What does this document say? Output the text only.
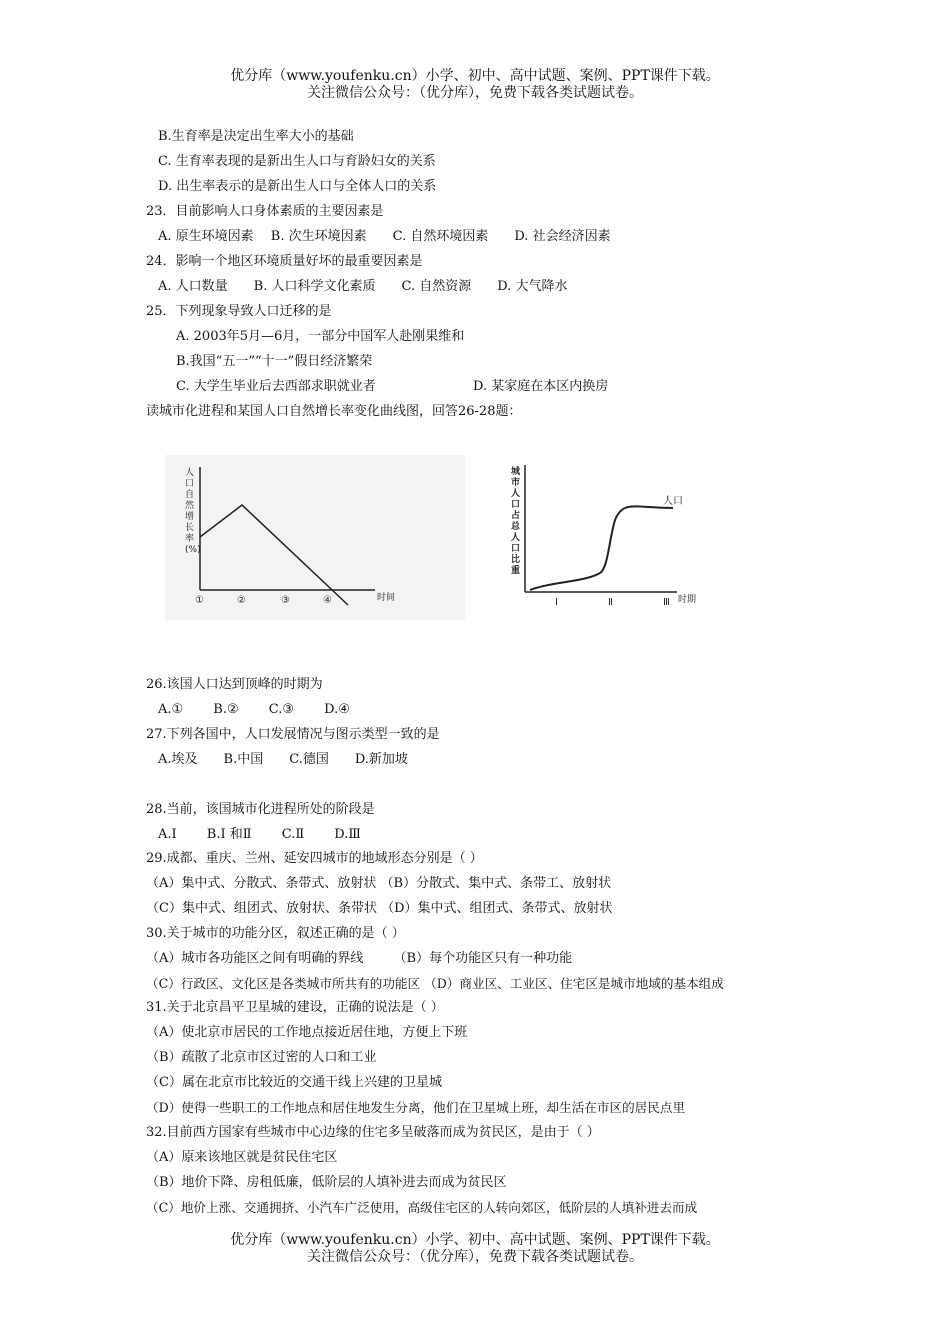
优分库（www.youfenku.cn）小学、初中、高中试题、案例、PPT课件下载。
关注微信公众号：（优分库），免费下载各类试题试卷。
B.生育率是决定出生率大小的基础
C. 生育率表现的是新出生人口与育龄妇女的关系
D. 出生率表示的是新出生人口与全体人口的关系
23．目前影响人口身体素质的主要因素是
A. 原生环境因素　 B. 次生环境因素　　C. 自然环境因素　　D. 社会经济因素
24．影响一个地区环境质量好坏的最重要因素是
A. 人口数量　　B. 人口科学文化素质　　C. 自然资源　　D. 大气降水
25．下列现象导致人口迁移的是
A. 2003年5月—6月，一部分中国军人赴刚果维和
B.我国“五一”“十一”假日经济繁荣
C. 大学生毕业后去西部求职就业者	D. 某家庭在本区内换房
读城市化进程和某国人口自然增长率变化曲线图，回答26-28题：
人
口
自
然
增
长
率
(%)
时间
①	②	③	④
城
市
人
口
占
总
人
口
比
重
人口
Ⅰ	Ⅱ	Ⅲ 时期
26.该国人口达到顶峰的时期为
A.①　　 B.②　　 C.③　　 D.④
27.下列各国中，人口发展情况与图示类型一致的是
A.埃及　　B.中国　　C.德国　　D.新加坡
28.当前，该国城市化进程所处的阶段是
A.Ⅰ　　 B.Ⅰ 和Ⅱ　　 C.Ⅱ　　 D.Ⅲ
29.成都、重庆、兰州、延安四城市的地域形态分别是（ ）
（A）集中式、分散式、条带式、放射状 （B）分散式、集中式、条带工、放射状
（C）集中式、组团式、放射状、条带状 （D）集中式、组团式、条带式、放射状
30.关于城市的功能分区，叙述正确的是（ ）
（A）城市各功能区之间有明确的界线　　 （B）每个功能区只有一种功能
（C）行政区、文化区是各类城市所共有的功能区 （D）商业区、工业区、住宅区是城市地域的基本组成
31.关于北京昌平卫星城的建设，正确的说法是（ ）
（A）使北京市居民的工作地点接近居住地，方便上下班
（B）疏散了北京市区过密的人口和工业
（C）属在北京市比较近的交通干线上兴建的卫星城
（D）使得一些职工的工作地点和居住地发生分离，他们在卫星城上班，却生活在市区的居民点里
32.目前西方国家有些城市中心边缘的住宅多呈破落而成为贫民区，是由于（ ）
（A）原来该地区就是贫民住宅区
（B）地价下降、房租低廉，低阶层的人填补进去而成为贫民区
（C）地价上涨、交通拥挤、小汽车广泛使用，高级住宅区的人转向郊区，低阶层的人填补进去而成
优分库（www.youfenku.cn）小学、初中、高中试题、案例、PPT课件下载。
关注微信公众号：（优分库），免费下载各类试题试卷。
